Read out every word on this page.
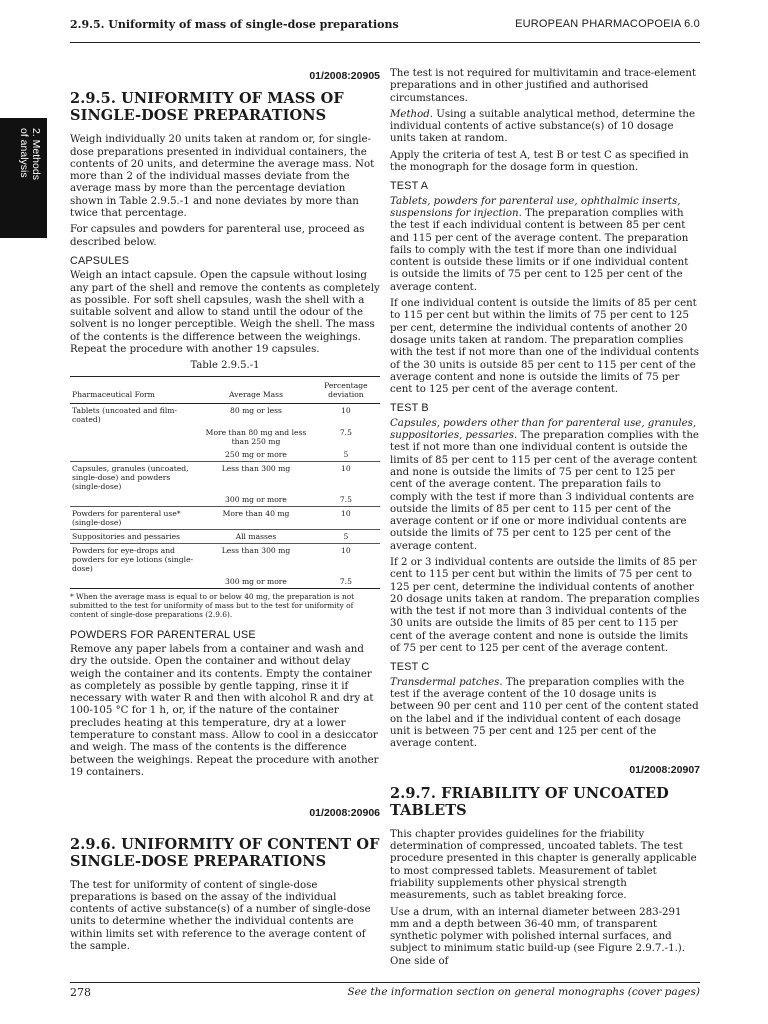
2.9.5. Uniformity of mass of single-dose preparations	EUROPEAN PHARMACOPOEIA 6.0
2. Methods
of analysis
01/2008:20905
2.9.5. UNIFORMITY OF MASS OF SINGLE-DOSE PREPARATIONS

Weigh individually 20 units taken at random or, for single-dose preparations presented in individual containers, the contents of 20 units, and determine the average mass. Not more than 2 of the individual masses deviate from the average mass by more than the percentage deviation shown in Table 2.9.5.-1 and none deviates by more than twice that percentage.

For capsules and powders for parenteral use, proceed as described below.

CAPSULES

Weigh an intact capsule. Open the capsule without losing any part of the shell and remove the contents as completely as possible. For soft shell capsules, wash the shell with a suitable solvent and allow to stand until the odour of the solvent is no longer perceptible. Weigh the shell. The mass of the contents is the difference between the weighings. Repeat the procedure with another 19 capsules.

Table 2.9.5.-1
Pharmaceutical Form	Average Mass	Percentage deviation
Tablets (uncoated and film-coated)	80 mg or less	10
	More than 80 mg and less than 250 mg	7.5
	250 mg or more	5
Capsules, granules (uncoated, single-dose) and powders (single-dose)	Less than 300 mg	10
	300 mg or more	7.5
Powders for parenteral use* (single-dose)	More than 40 mg	10
Suppositories and pessaries	All masses	5
Powders for eye-drops and powders for eye lotions (single-dose)	Less than 300 mg	10
	300 mg or more	7.5
* When the average mass is equal to or below 40 mg, the preparation is not submitted to the test for uniformity of mass but to the test for uniformity of content of single-dose preparations (2.9.6).
POWDERS FOR PARENTERAL USE

Remove any paper labels from a container and wash and dry the outside. Open the container and without delay weigh the container and its contents. Empty the container as completely as possible by gentle tapping, rinse it if necessary with water R and then with alcohol R and dry at 100-105 °C for 1 h, or, if the nature of the container precludes heating at this temperature, dry at a lower temperature to constant mass. Allow to cool in a desiccator and weigh. The mass of the contents is the difference between the weighings. Repeat the procedure with another 19 containers.

01/2008:20906
2.9.6. UNIFORMITY OF CONTENT OF SINGLE-DOSE PREPARATIONS

The test for uniformity of content of single-dose preparations is based on the assay of the individual contents of active substance(s) of a number of single-dose units to determine whether the individual contents are within limits set with reference to the average content of the sample.

The test is not required for multivitamin and trace-element preparations and in other justified and authorised circumstances.

Method. Using a suitable analytical method, determine the individual contents of active substance(s) of 10 dosage units taken at random.

Apply the criteria of test A, test B or test C as specified in the monograph for the dosage form in question.

TEST A

Tablets, powders for parenteral use, ophthalmic inserts, suspensions for injection. The preparation complies with the test if each individual content is between 85 per cent and 115 per cent of the average content. The preparation fails to comply with the test if more than one individual content is outside these limits or if one individual content is outside the limits of 75 per cent to 125 per cent of the average content.

If one individual content is outside the limits of 85 per cent to 115 per cent but within the limits of 75 per cent to 125 per cent, determine the individual contents of another 20 dosage units taken at random. The preparation complies with the test if not more than one of the individual contents of the 30 units is outside 85 per cent to 115 per cent of the average content and none is outside the limits of 75 per cent to 125 per cent of the average content.

TEST B

Capsules, powders other than for parenteral use, granules, suppositories, pessaries. The preparation complies with the test if not more than one individual content is outside the limits of 85 per cent to 115 per cent of the average content and none is outside the limits of 75 per cent to 125 per cent of the average content. The preparation fails to comply with the test if more than 3 individual contents are outside the limits of 85 per cent to 115 per cent of the average content or if one or more individual contents are outside the limits of 75 per cent to 125 per cent of the average content.

If 2 or 3 individual contents are outside the limits of 85 per cent to 115 per cent but within the limits of 75 per cent to 125 per cent, determine the individual contents of another 20 dosage units taken at random. The preparation complies with the test if not more than 3 individual contents of the 30 units are outside the limits of 85 per cent to 115 per cent of the average content and none is outside the limits of 75 per cent to 125 per cent of the average content.

TEST C

Transdermal patches. The preparation complies with the test if the average content of the 10 dosage units is between 90 per cent and 110 per cent of the content stated on the label and if the individual content of each dosage unit is between 75 per cent and 125 per cent of the average content.

01/2008:20907
2.9.7. FRIABILITY OF UNCOATED TABLETS

This chapter provides guidelines for the friability determination of compressed, uncoated tablets. The test procedure presented in this chapter is generally applicable to most compressed tablets. Measurement of tablet friability supplements other physical strength measurements, such as tablet breaking force.

Use a drum, with an internal diameter between 283-291 mm and a depth between 36-40 mm, of transparent synthetic polymer with polished internal surfaces, and subject to minimum static build-up (see Figure 2.9.7.-1.). One side of

278	See the information section on general monographs (cover pages)
